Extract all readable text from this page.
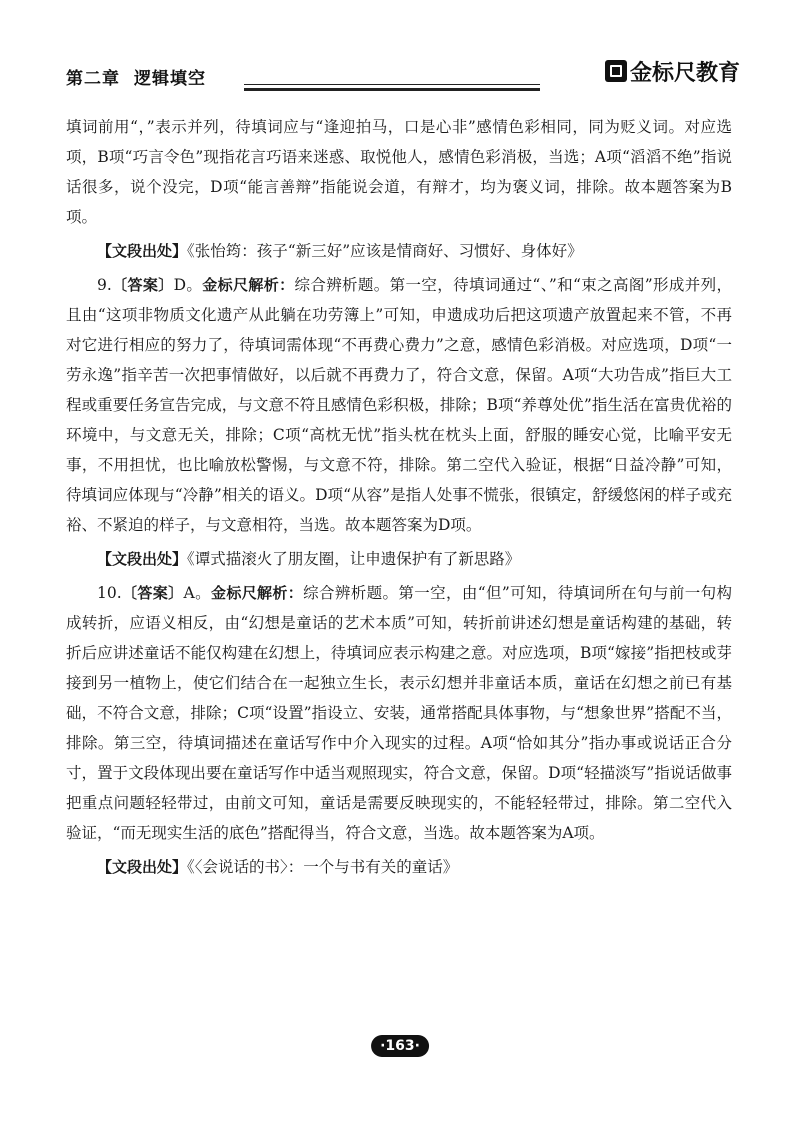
第二章 逻辑填空	金标尺教育

填词前用“，”表示并列，待填词应与“逢迎拍马，口是心非”感情色彩相同，同为贬义词。对应选项，B项“巧言令色”现指花言巧语来迷惑、取悦他人，感情色彩消极，当选；A项“滔滔不绝”指说话很多，说个没完，D项“能言善辩”指能说会道，有辩才，均为褒义词，排除。故本题答案为B项。

【文段出处】《张怡筠：孩子“新三好”应该是情商好、习惯好、身体好》

9.〔答案〕D。金标尺解析：综合辨析题。第一空，待填词通过“、”和“束之高阁”形成并列，且由“这项非物质文化遗产从此躺在功劳簿上”可知，申遗成功后把这项遗产放置起来不管，不再对它进行相应的努力了，待填词需体现“不再费心费力”之意，感情色彩消极。对应选项，D项“一劳永逸”指辛苦一次把事情做好，以后就不再费力了，符合文意，保留。A项“大功告成”指巨大工程或重要任务宣告完成，与文意不符且感情色彩积极，排除；B项“养尊处优”指生活在富贵优裕的环境中，与文意无关，排除；C项“高枕无忧”指头枕在枕头上面，舒服的睡安心觉，比喻平安无事，不用担忧，也比喻放松警惕，与文意不符，排除。第二空代入验证，根据“日益冷静”可知，待填词应体现与“冷静”相关的语义。D项“从容”是指人处事不慌张，很镇定，舒缓悠闲的样子或充裕、不紧迫的样子，与文意相符，当选。故本题答案为D项。

【文段出处】《谭式描滚火了朋友圈，让申遗保护有了新思路》

10.〔答案〕A。金标尺解析：综合辨析题。第一空，由“但”可知，待填词所在句与前一句构成转折，应语义相反，由“幻想是童话的艺术本质”可知，转折前讲述幻想是童话构建的基础，转折后应讲述童话不能仅构建在幻想上，待填词应表示构建之意。对应选项，B项“嫁接”指把枝或芽接到另一植物上，使它们结合在一起独立生长，表示幻想并非童话本质，童话在幻想之前已有基础，不符合文意，排除；C项“设置”指设立、安装，通常搭配具体事物，与“想象世界”搭配不当，排除。第三空，待填词描述在童话写作中介入现实的过程。A项“恰如其分”指办事或说话正合分寸，置于文段体现出要在童话写作中适当观照现实，符合文意，保留。D项“轻描淡写”指说话做事把重点问题轻轻带过，由前文可知，童话是需要反映现实的，不能轻轻带过，排除。第二空代入验证，“而无现实生活的底色”搭配得当，符合文意，当选。故本题答案为A项。

【文段出处】《〈会说话的书〉：一个与书有关的童话》

·163·
